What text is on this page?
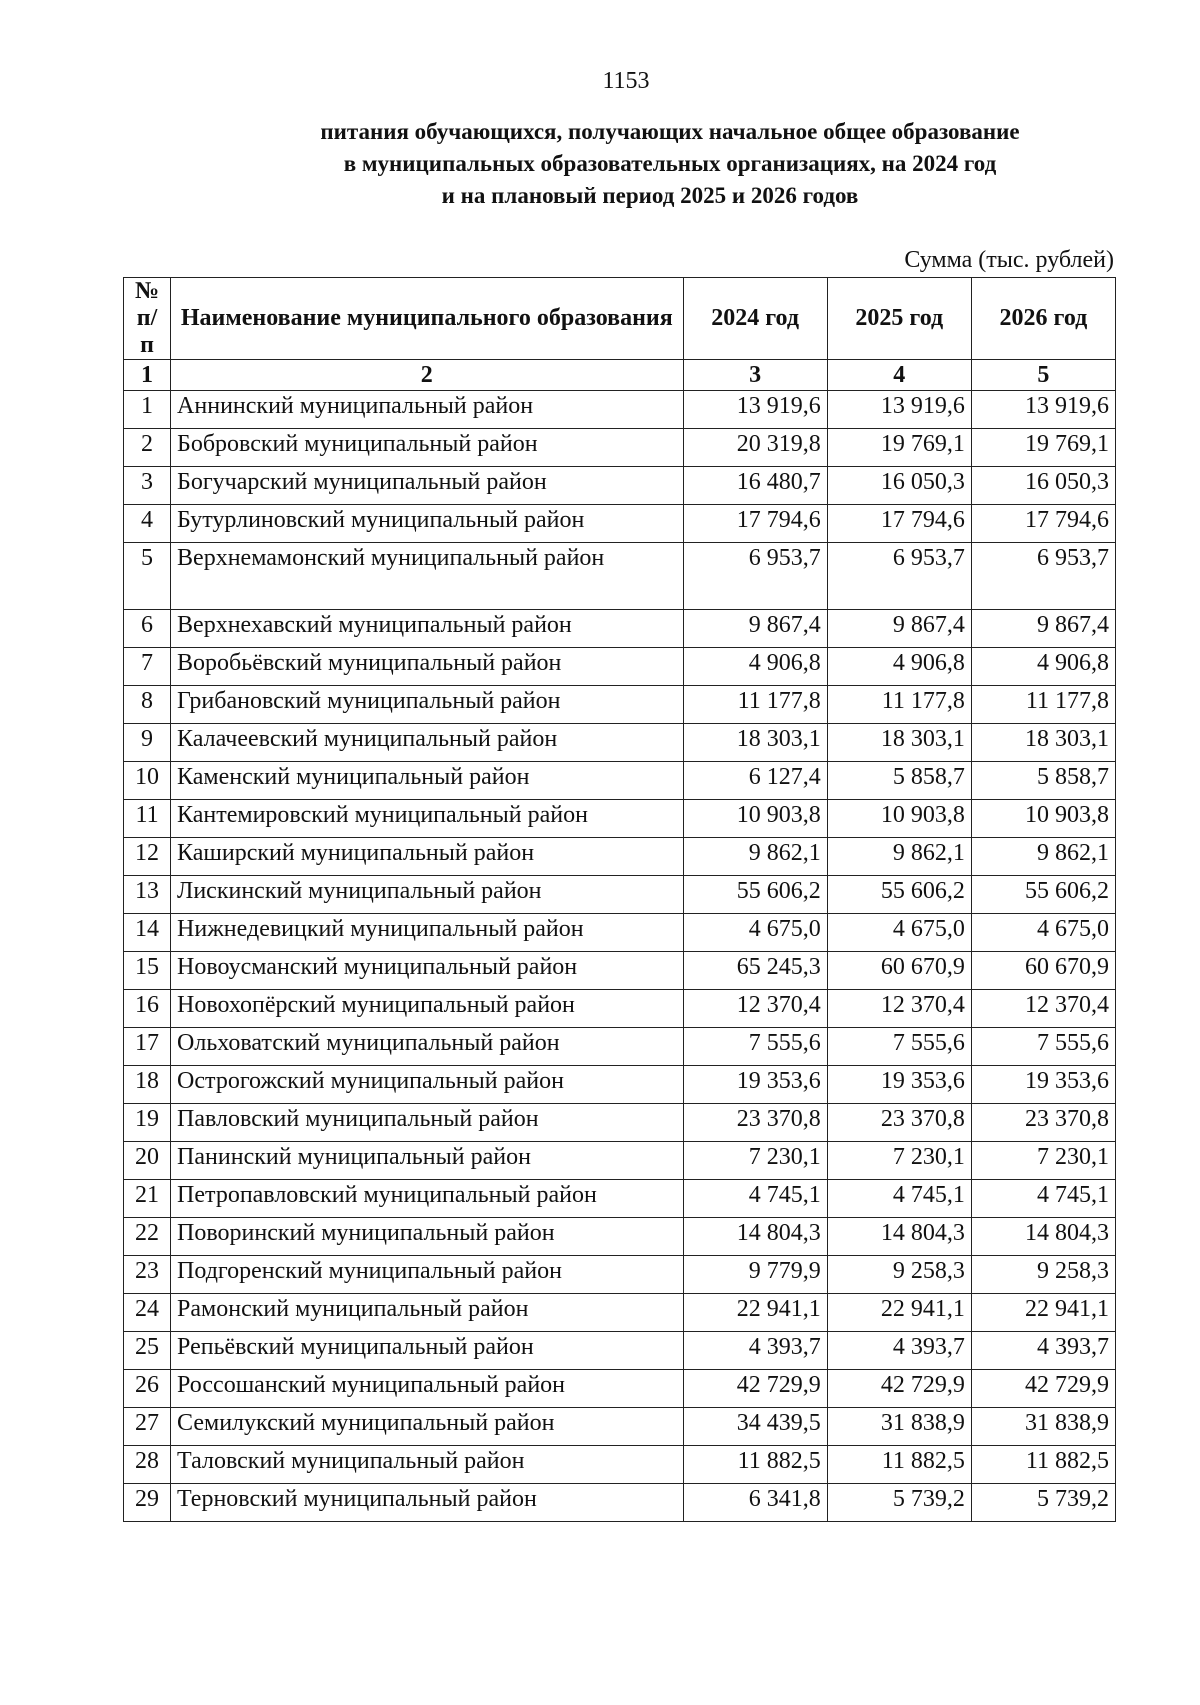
1153
питания обучающихся, получающих начальное общее образование
в муниципальных образовательных организациях, на 2024 год
и на плановый период 2025 и 2026 годов
Сумма (тыс. рублей)
№ п/п	Наименование муниципального образования	2024 год	2025 год	2026 год
1	2	3	4	5
1	Аннинский муниципальный район	13 919,6	13 919,6	13 919,6
2	Бобровский муниципальный район	20 319,8	19 769,1	19 769,1
3	Богучарский муниципальный район	16 480,7	16 050,3	16 050,3
4	Бутурлиновский муниципальный район	17 794,6	17 794,6	17 794,6
5	Верхнемамонский муниципальный район	6 953,7	6 953,7	6 953,7
6	Верхнехавский муниципальный район	9 867,4	9 867,4	9 867,4
7	Воробьёвский муниципальный район	4 906,8	4 906,8	4 906,8
8	Грибановский муниципальный район	11 177,8	11 177,8	11 177,8
9	Калачеевский муниципальный район	18 303,1	18 303,1	18 303,1
10	Каменский муниципальный район	6 127,4	5 858,7	5 858,7
11	Кантемировский муниципальный район	10 903,8	10 903,8	10 903,8
12	Каширский муниципальный район	9 862,1	9 862,1	9 862,1
13	Лискинский муниципальный район	55 606,2	55 606,2	55 606,2
14	Нижнедевицкий муниципальный район	4 675,0	4 675,0	4 675,0
15	Новоусманский муниципальный район	65 245,3	60 670,9	60 670,9
16	Новохопёрский муниципальный район	12 370,4	12 370,4	12 370,4
17	Ольховатский муниципальный район	7 555,6	7 555,6	7 555,6
18	Острогожский муниципальный район	19 353,6	19 353,6	19 353,6
19	Павловский муниципальный район	23 370,8	23 370,8	23 370,8
20	Панинский муниципальный район	7 230,1	7 230,1	7 230,1
21	Петропавловский муниципальный район	4 745,1	4 745,1	4 745,1
22	Поворинский муниципальный район	14 804,3	14 804,3	14 804,3
23	Подгоренский муниципальный район	9 779,9	9 258,3	9 258,3
24	Рамонский муниципальный район	22 941,1	22 941,1	22 941,1
25	Репьёвский муниципальный район	4 393,7	4 393,7	4 393,7
26	Россошанский муниципальный район	42 729,9	42 729,9	42 729,9
27	Семилукский муниципальный район	34 439,5	31 838,9	31 838,9
28	Таловский муниципальный район	11 882,5	11 882,5	11 882,5
29	Терновский муниципальный район	6 341,8	5 739,2	5 739,2
